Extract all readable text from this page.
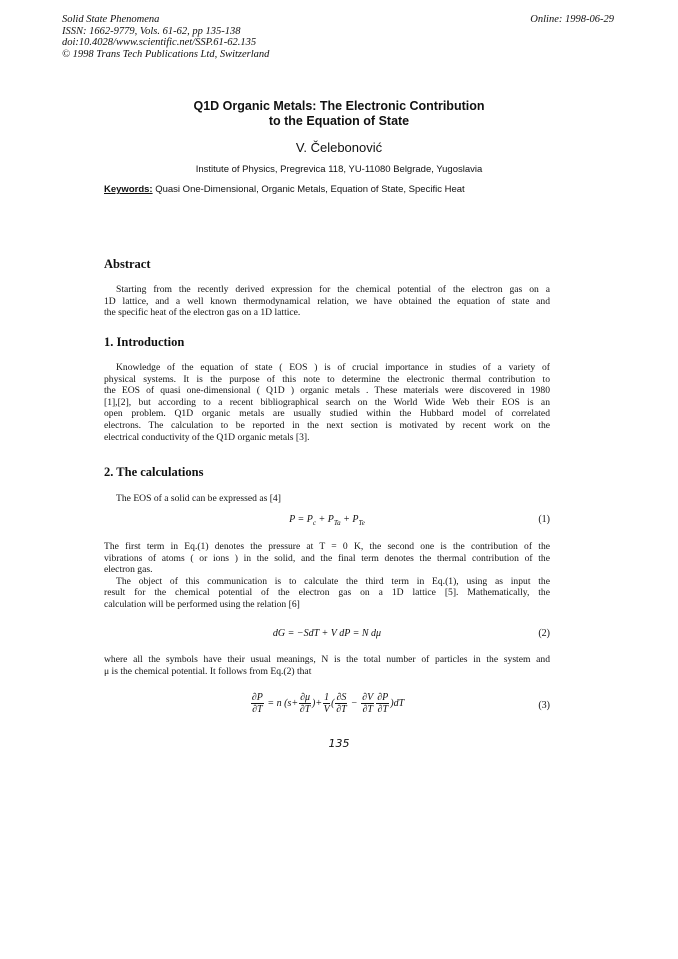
Solid State Phenomena
ISSN: 1662-9779, Vols. 61-62, pp 135-138
doi:10.4028/www.scientific.net/SSP.61-62.135
© 1998 Trans Tech Publications Ltd, Switzerland
Online: 1998-06-29
Q1D Organic Metals: The Electronic Contribution
to the Equation of State
V. Čelebonović
Institute of Physics, Pregrevica 118, YU-11080 Belgrade, Yugoslavia
Keywords: Quasi One-Dimensional, Organic Metals, Equation of State, Specific Heat
Abstract
Starting from the recently derived expression for the chemical potential of the electron gas on a
1D lattice, and a well known thermodynamical relation, we have obtained the equation of state and
the specific heat of the electron gas on a 1D lattice.
1. Introduction
Knowledge of the equation of state ( EOS ) is of crucial importance in studies of a variety of
physical systems. It is the purpose of this note to determine the electronic thermal contribution to
the EOS of quasi one-dimensional ( Q1D ) organic metals . These materials were discovered in 1980
[1],[2], but according to a recent bibliographical search on the World Wide Web their EOS is an
open problem. Q1D organic metals are usually studied within the Hubbard model of correlated
electrons. The calculation to be reported in the next section is motivated by recent work on the
electrical conductivity of the Q1D organic metals [3].
2. The calculations
The EOS of a solid can be expressed as [4]
$P = P_c + P_{Ta} + P_{Te}$	(1)
The first term in Eq.(1) denotes the pressure at T = 0 K, the second one is the contribution of the
vibrations of atoms ( or ions ) in the solid, and the final term denotes the thermal contribution of the
electron gas.
The object of this communication is to calculate the third term in Eq.(1), using as input the
result for the chemical potential of the electron gas on a 1D lattice [5]. Mathematically, the
calculation will be performed using the relation [6]
dG = −SdT + V dP = N dμ	(2)
where all the symbols have their usual meanings, N is the total number of particles in the system and
μ is the chemical potential. It follows from Eq.(2) that
$\frac{\partial P}{\partial T} = n$ ($s+ \frac{\partial\mu}{\partial T}$ )+ $\frac{1}{V}$ ( $\frac{\partial S}{\partial T} - \frac{\partial V}{\partial T} \frac{\partial P}{\partial T} )dT$	(3)
135
